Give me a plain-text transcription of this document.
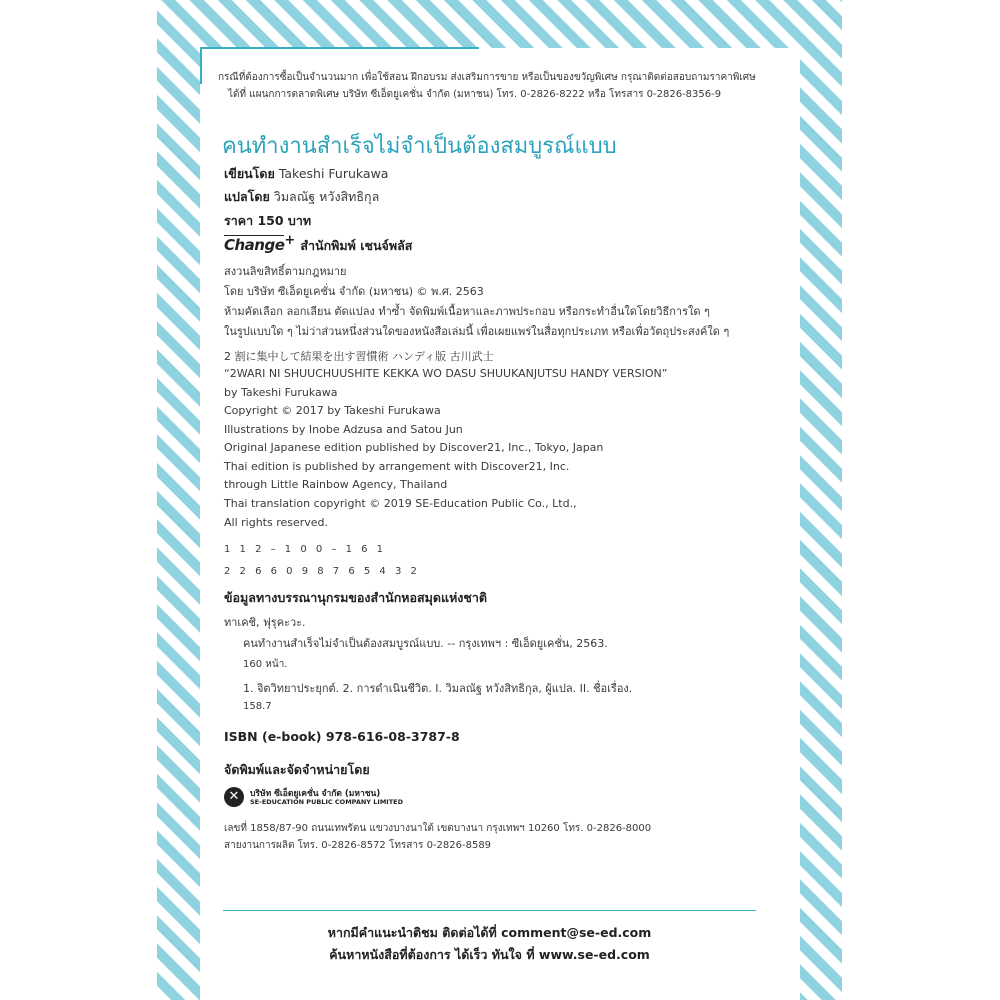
กรณีที่ต้องการซื้อเป็นจำนวนมาก เพื่อใช้สอน ฝึกอบรม ส่งเสริมการขาย หรือเป็นของขวัญพิเศษ กรุณาติดต่อสอบถามราคาพิเศษ
ได้ที่ แผนกการตลาดพิเศษ บริษัท ซีเอ็ดยูเคชั่น จำกัด (มหาชน) โทร. 0-2826-8222 หรือ โทรสาร 0-2826-8356-9
คนทำงานสำเร็จไม่จำเป็นต้องสมบูรณ์แบบ
เขียนโดย Takeshi Furukawa
แปลโดย วิมลณัฐ หวังสิทธิกุล
ราคา 150 บาท
Change+ สำนักพิมพ์ เชนจ์พลัส
สงวนลิขสิทธิ์ตามกฎหมาย
โดย บริษัท ซีเอ็ดยูเคชั่น จำกัด (มหาชน) © พ.ศ. 2563
ห้ามคัดเลือก ลอกเลียน ตัดแปลง ทำซ้ำ จัดพิมพ์เนื้อหาและภาพประกอบ หรือกระทำอื่นใดโดยวิธีการใด ๆ
ในรูปแบบใด ๆ ไม่ว่าส่วนหนึ่งส่วนใดของหนังสือเล่มนี้ เพื่อเผยแพร่ในสื่อทุกประเภท หรือเพื่อวัตถุประสงค์ใด ๆ
2 割に集中して結果を出す習慣術 ハンディ版 古川武士
“2WARI NI SHUUCHUUSHITE KEKKA WO DASU SHUUKANJUTSU HANDY VERSION”
by Takeshi Furukawa
Copyright © 2017 by Takeshi Furukawa
Illustrations by Inobe Adzusa and Satou Jun
Original Japanese edition published by Discover21, Inc., Tokyo, Japan
Thai edition is published by arrangement with Discover21, Inc.
through Little Rainbow Agency, Thailand
Thai translation copyright © 2019 SE-Education Public Co., Ltd.,
All rights reserved.
1 1 2 – 1 0 0 – 1 6 1
2 2 6 6 0 9 8 7 6 5 4 3 2
ข้อมูลทางบรรณานุกรมของสำนักหอสมุดแห่งชาติ
ทาเคชิ, ฟุรุคะวะ.
คนทำงานสำเร็จไม่จำเป็นต้องสมบูรณ์แบบ. -- กรุงเทพฯ : ซีเอ็ดยูเคชั่น, 2563.
160 หน้า.
1. จิตวิทยาประยุกต์. 2. การดำเนินชีวิต. I. วิมลณัฐ หวังสิทธิกุล, ผู้แปล. II. ชื่อเรื่อง.
158.7
ISBN (e-book) 978-616-08-3787-8
จัดพิมพ์และจัดจำหน่ายโดย
✕	บริษัท ซีเอ็ดยูเคชั่น จำกัด (มหาชน)
SE-EDUCATION PUBLIC COMPANY LIMITED
เลขที่ 1858/87-90 ถนนเทพรัตน แขวงบางนาใต้ เขตบางนา กรุงเทพฯ 10260 โทร. 0-2826-8000
สายงานการผลิต โทร. 0-2826-8572 โทรสาร 0-2826-8589
หากมีคำแนะนำติชม ติดต่อได้ที่ comment@se-ed.com
ค้นหาหนังสือที่ต้องการ ได้เร็ว ทันใจ ที่ www.se-ed.com
